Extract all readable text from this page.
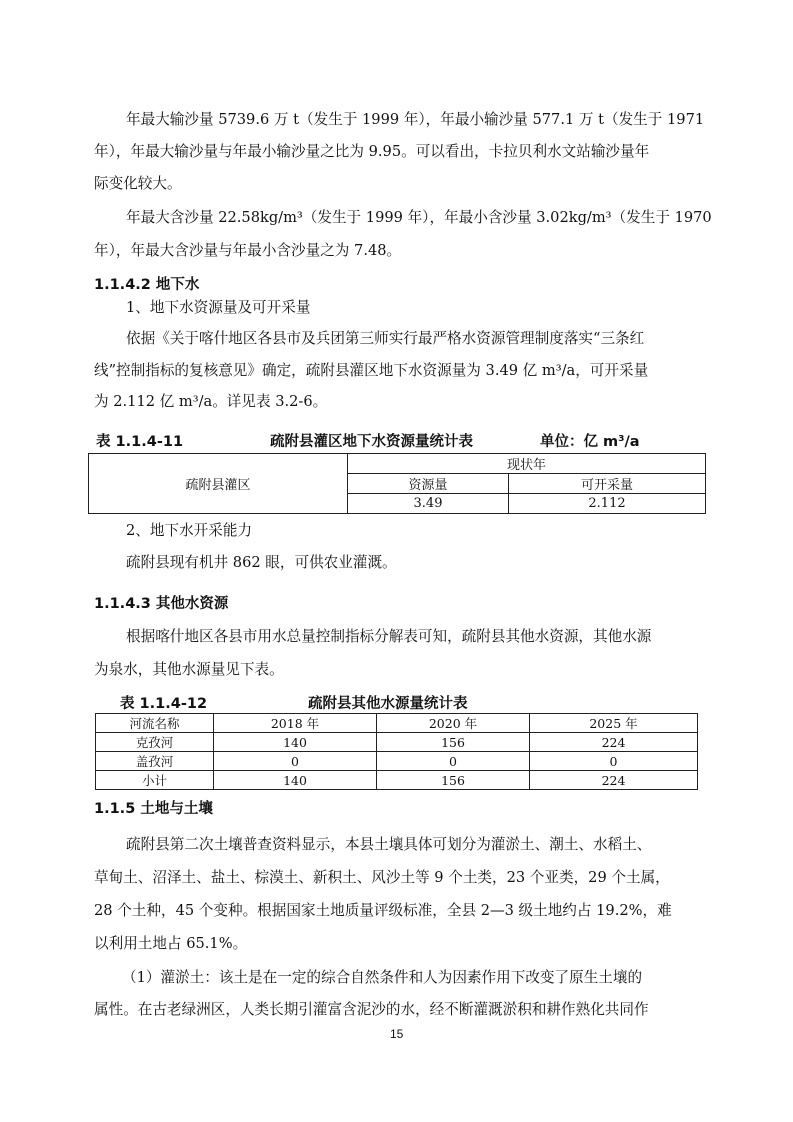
年最大输沙量 5739.6 万 t（发生于 1999 年），年最小输沙量 577.1 万 t（发生于 1971
年），年最大输沙量与年最小输沙量之比为 9.95。可以看出，卡拉贝利水文站输沙量年
际变化较大。
年最大含沙量 22.58kg/m³（发生于 1999 年），年最小含沙量 3.02kg/m³（发生于 1970
年），年最大含沙量与年最小含沙量之为 7.48。
1.1.4.2 地下水
1、地下水资源量及可开采量
依据《关于喀什地区各县市及兵团第三师实行最严格水资源管理制度落实“三条红
线”控制指标的复核意见》确定，疏附县灌区地下水资源量为 3.49 亿 m³/a，可开采量
为 2.112 亿 m³/a。详见表 3.2-6。
表 1.1.4-11	疏附县灌区地下水资源量统计表	单位：亿 m³/a
疏附县灌区	现状年	
	资源量	可开采量
	3.49	2.112
2、地下水开采能力
疏附县现有机井 862 眼，可供农业灌溉。
1.1.4.3 其他水资源
根据喀什地区各县市用水总量控制指标分解表可知，疏附县其他水资源，其他水源
为泉水，其他水源量见下表。
表 1.1.4-12	疏附县其他水源量统计表
河流名称	2018 年	2020 年	2025 年
克孜河	140	156	224
盖孜河	0	0	0
小计	140	156	224
1.1.5 土地与土壤
疏附县第二次土壤普查资料显示，本县土壤具体可划分为灌淤土、潮土、水稻土、
草甸土、沼泽土、盐土、棕漠土、新积土、风沙土等 9 个土类，23 个亚类，29 个土属，
28 个土种，45 个变种。根据国家土地质量评级标准，全县 2—3 级土地约占 19.2%，难
以利用土地占 65.1%。
（1）灌淤土：该土是在一定的综合自然条件和人为因素作用下改变了原生土壤的
属性。在古老绿洲区，人类长期引灌富含泥沙的水，经不断灌溉淤积和耕作熟化共同作
15
